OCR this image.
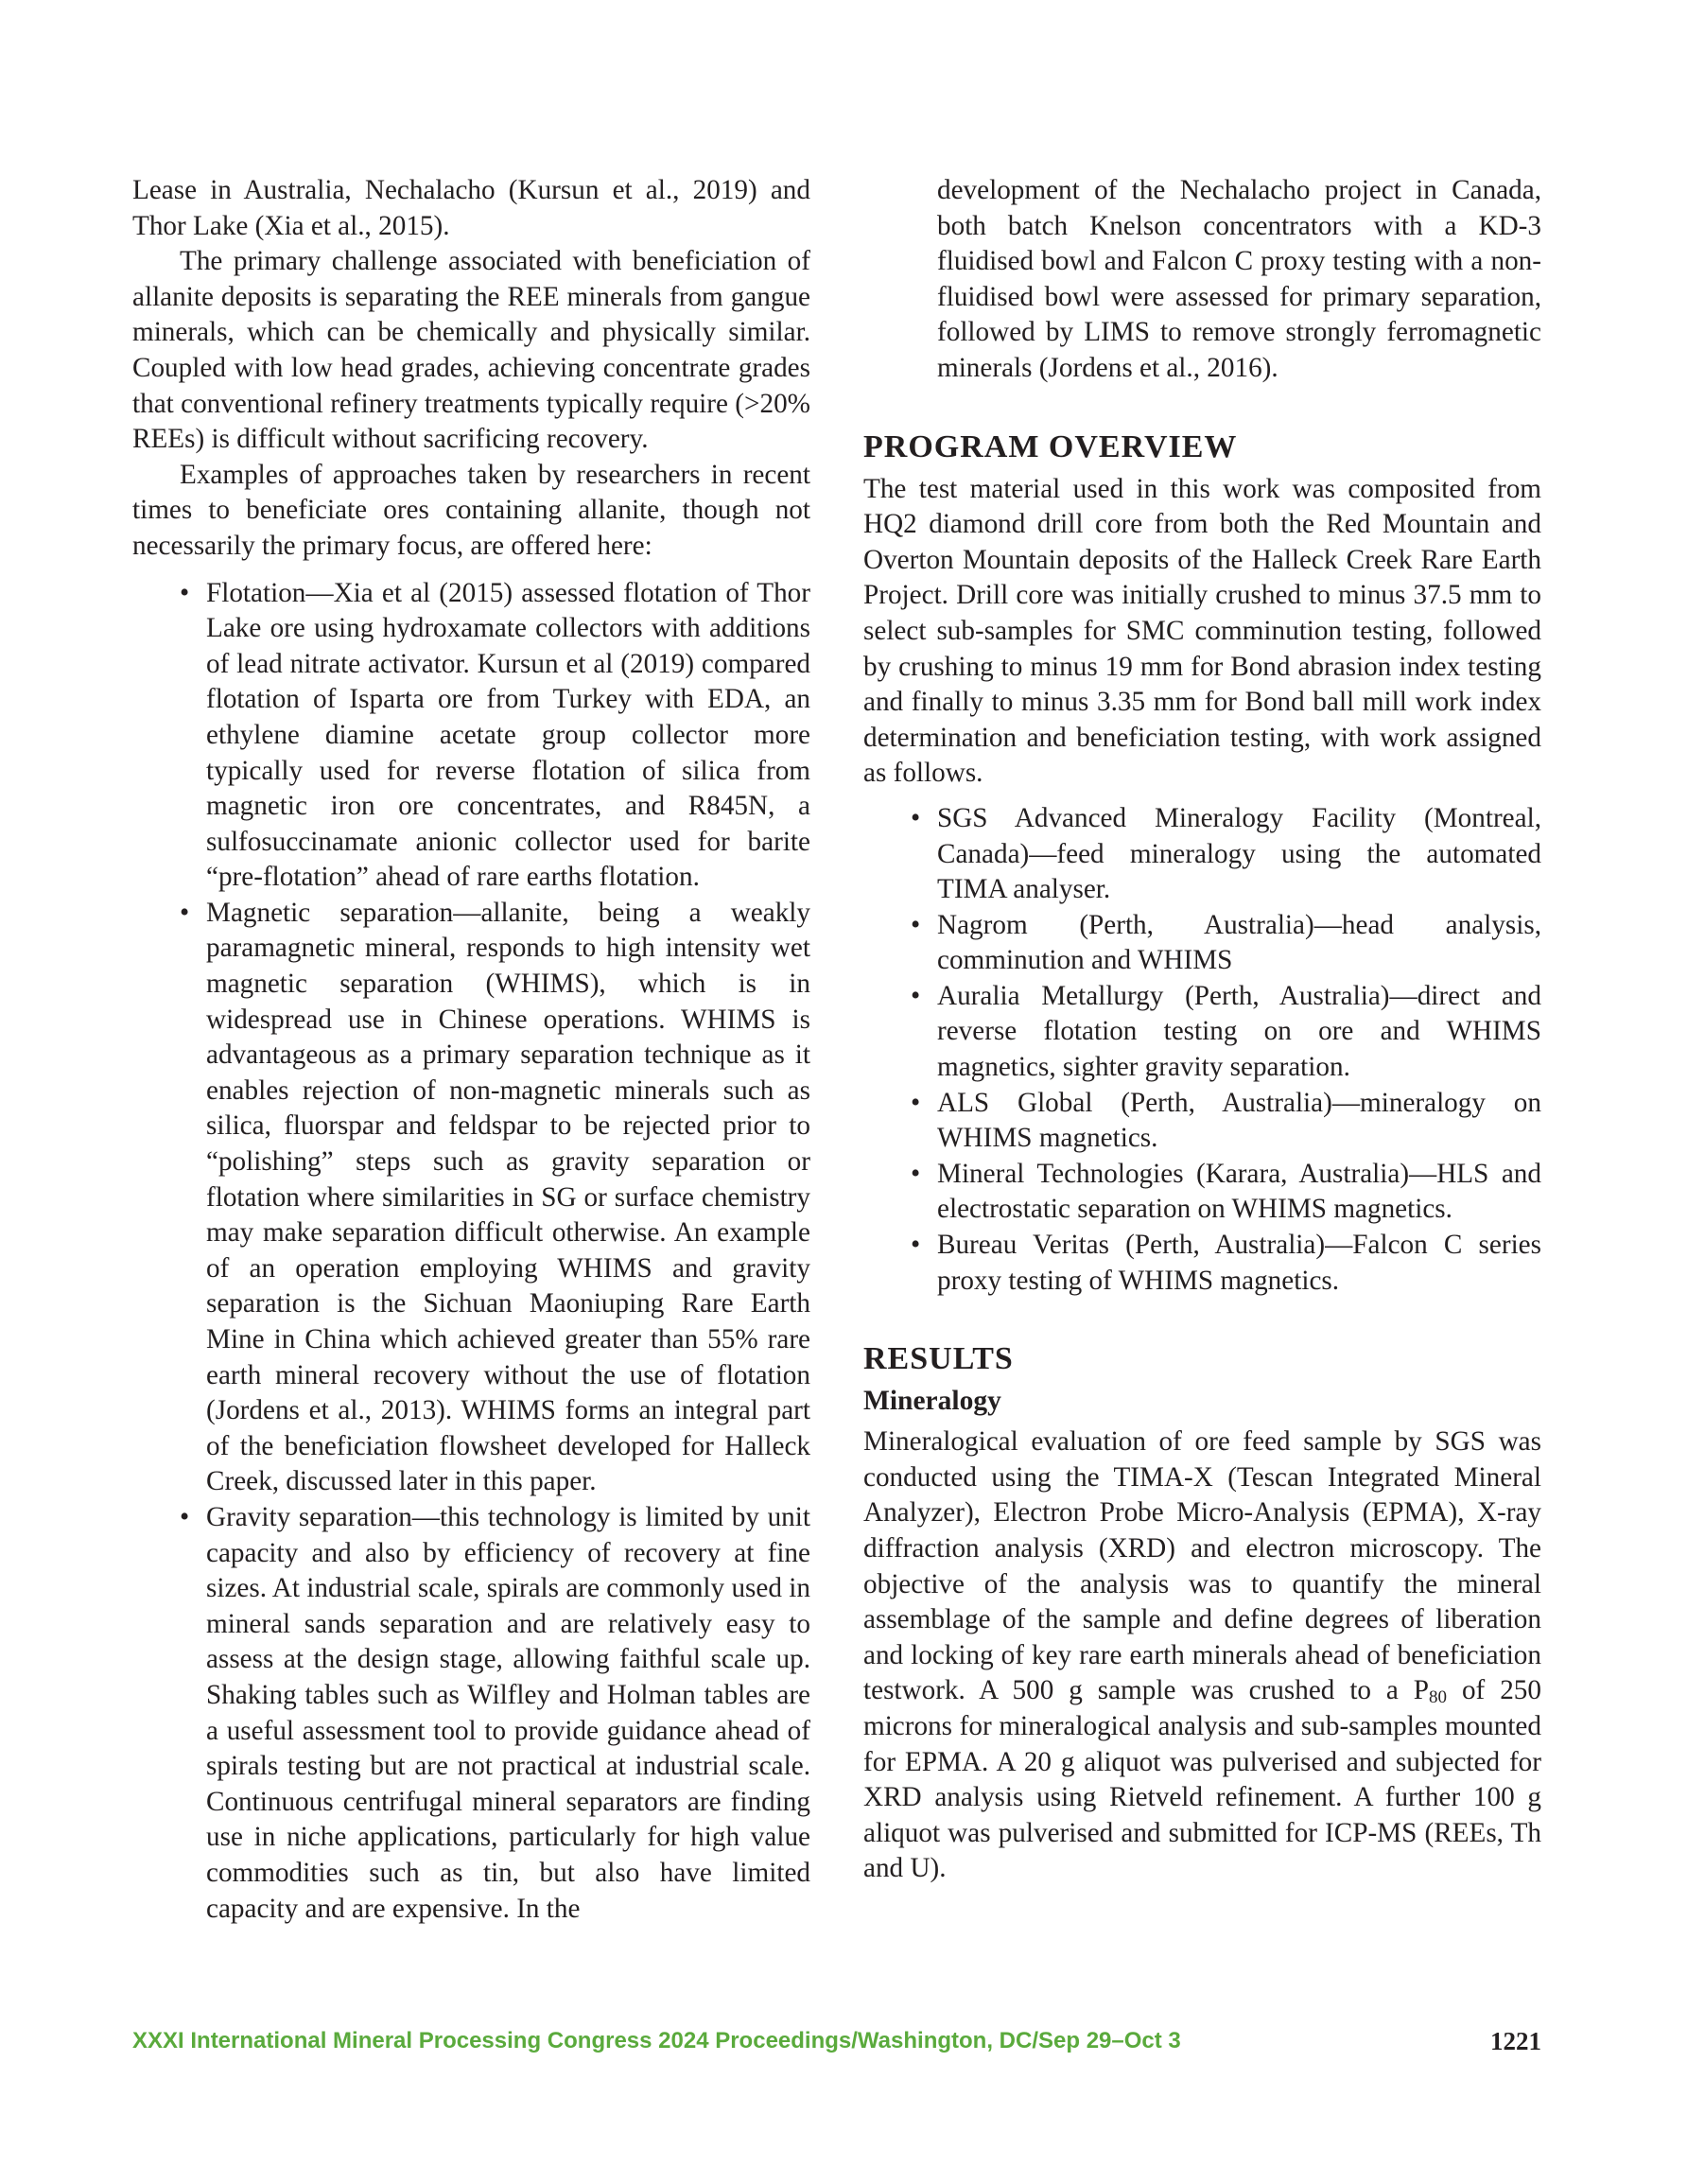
Lease in Australia, Nechalacho (Kursun et al., 2019) and Thor Lake (Xia et al., 2015).

The primary challenge associated with beneficiation of allanite deposits is separating the REE minerals from gangue minerals, which can be chemically and physically similar. Coupled with low head grades, achieving concentrate grades that conventional refinery treatments typically require (>20% REEs) is difficult without sacrificing recovery.

Examples of approaches taken by researchers in recent times to beneficiate ores containing allanite, though not necessarily the primary focus, are offered here:

• Flotation—Xia et al (2015) assessed flotation of Thor Lake ore using hydroxamate collectors with additions of lead nitrate activator. Kursun et al (2019) compared flotation of Isparta ore from Turkey with EDA, an ethylene diamine acetate group collector more typically used for reverse flotation of silica from magnetic iron ore concentrates, and R845N, a sulfosuccinamate anionic collector used for barite “pre-flotation” ahead of rare earths flotation.
• Magnetic separation—allanite, being a weakly paramagnetic mineral, responds to high intensity wet magnetic separation (WHIMS), which is in widespread use in Chinese operations. WHIMS is advantageous as a primary separation technique as it enables rejection of non-magnetic minerals such as silica, fluorspar and feldspar to be rejected prior to “polishing” steps such as gravity separation or flotation where similarities in SG or surface chemistry may make separation difficult otherwise. An example of an operation employing WHIMS and gravity separation is the Sichuan Maoniuping Rare Earth Mine in China which achieved greater than 55% rare earth mineral recovery without the use of flotation (Jordens et al., 2013). WHIMS forms an integral part of the beneficiation flowsheet developed for Halleck Creek, discussed later in this paper.
• Gravity separation—this technology is limited by unit capacity and also by efficiency of recovery at fine sizes. At industrial scale, spirals are commonly used in mineral sands separation and are relatively easy to assess at the design stage, allowing faithful scale up. Shaking tables such as Wilfley and Holman tables are a useful assessment tool to provide guidance ahead of spirals testing but are not practical at industrial scale. Continuous centrifugal mineral separators are finding use in niche applications, particularly for high value commodities such as tin, but also have limited capacity and are expensive. In the

development of the Nechalacho project in Canada, both batch Knelson concentrators with a KD-3 fluidised bowl and Falcon C proxy testing with a non-fluidised bowl were assessed for primary separation, followed by LIMS to remove strongly ferromagnetic minerals (Jordens et al., 2016).

PROGRAM OVERVIEW

The test material used in this work was composited from HQ2 diamond drill core from both the Red Mountain and Overton Mountain deposits of the Halleck Creek Rare Earth Project. Drill core was initially crushed to minus 37.5 mm to select sub-samples for SMC comminution testing, followed by crushing to minus 19 mm for Bond abrasion index testing and finally to minus 3.35 mm for Bond ball mill work index determination and beneficiation testing, with work assigned as follows.

• SGS Advanced Mineralogy Facility (Montreal, Canada)—feed mineralogy using the automated TIMA analyser.
• Nagrom (Perth, Australia)—head analysis, comminution and WHIMS
• Auralia Metallurgy (Perth, Australia)—direct and reverse flotation testing on ore and WHIMS magnetics, sighter gravity separation.
• ALS Global (Perth, Australia)—mineralogy on WHIMS magnetics.
• Mineral Technologies (Karara, Australia)—HLS and electrostatic separation on WHIMS magnetics.
• Bureau Veritas (Perth, Australia)—Falcon C series proxy testing of WHIMS magnetics.
RESULTS
Mineralogy

Mineralogical evaluation of ore feed sample by SGS was conducted using the TIMA-X (Tescan Integrated Mineral Analyzer), Electron Probe Micro-Analysis (EPMA), X-ray diffraction analysis (XRD) and electron microscopy. The objective of the analysis was to quantify the mineral assemblage of the sample and define degrees of liberation and locking of key rare earth minerals ahead of beneficiation testwork. A 500 g sample was crushed to a $P_{80}$ of 250 microns for mineralogical analysis and sub-samples mounted for EPMA. A 20 g aliquot was pulverised and subjected for XRD analysis using Rietveld refinement. A further 100 g aliquot was pulverised and submitted for ICP-MS (REEs, Th and U).

XXXI International Mineral Processing Congress 2024 Proceedings/Washington, DC/Sep 29–Oct 3	1221
